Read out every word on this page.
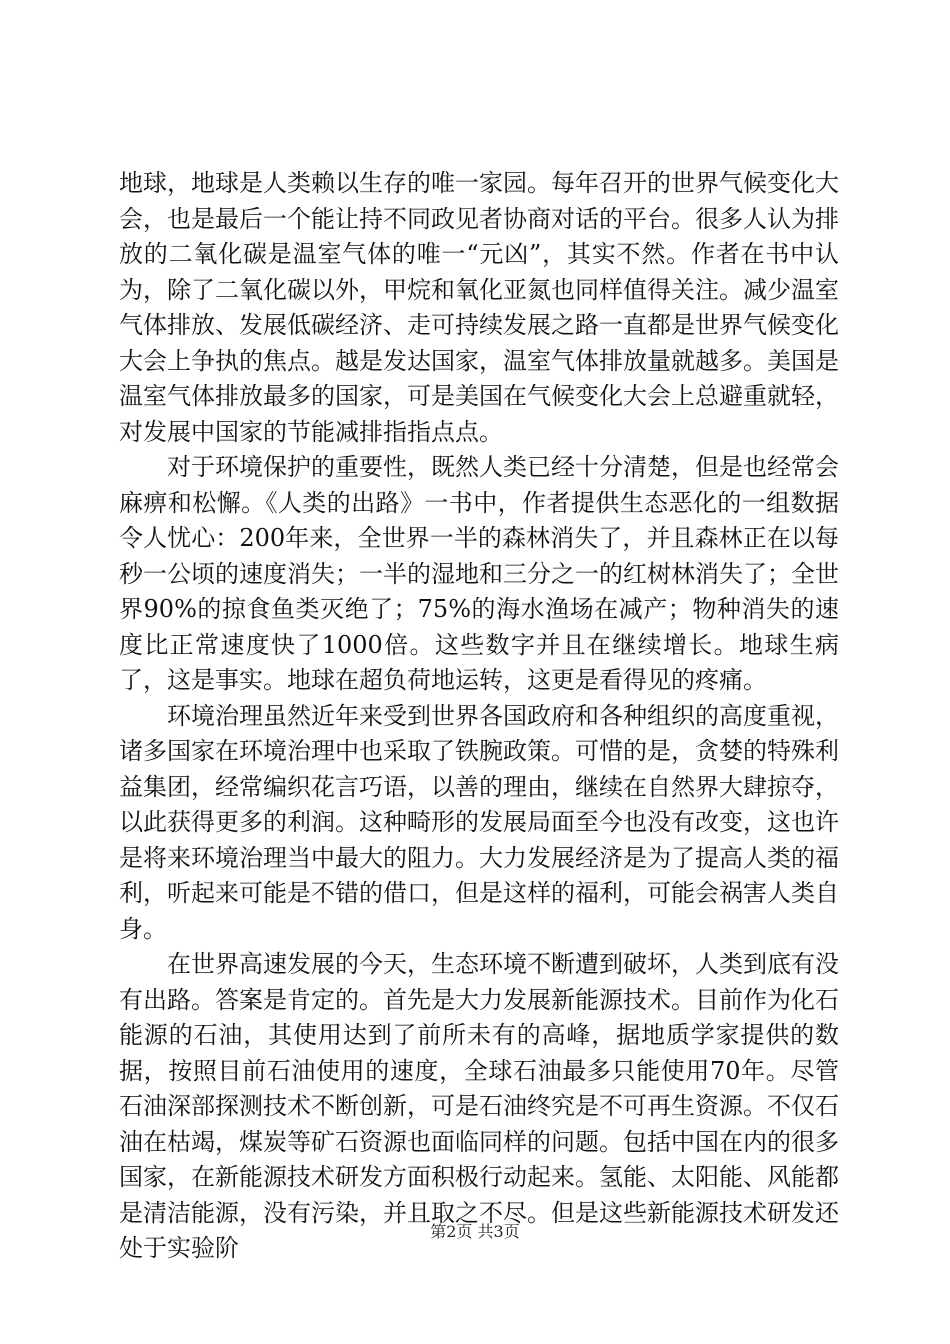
地球，地球是人类赖以生存的唯一家园。每年召开的世界气候变化大会，也是最后一个能让持不同政见者协商对话的平台。很多人认为排放的二氧化碳是温室气体的唯一“元凶”，其实不然。作者在书中认为，除了二氧化碳以外，甲烷和氧化亚氮也同样值得关注。减少温室气体排放、发展低碳经济、走可持续发展之路一直都是世界气候变化大会上争执的焦点。越是发达国家，温室气体排放量就越多。美国是温室气体排放最多的国家，可是美国在气候变化大会上总避重就轻，对发展中国家的节能减排指指点点。

对于环境保护的重要性，既然人类已经十分清楚，但是也经常会麻痹和松懈。《人类的出路》一书中，作者提供生态恶化的一组数据令人忧心：200年来，全世界一半的森林消失了，并且森林正在以每秒一公顷的速度消失；一半的湿地和三分之一的红树林消失了；全世界90%的掠食鱼类灭绝了；75%的海水渔场在减产；物种消失的速度比正常速度快了1000倍。这些数字并且在继续增长。地球生病了，这是事实。地球在超负荷地运转，这更是看得见的疼痛。

环境治理虽然近年来受到世界各国政府和各种组织的高度重视，诸多国家在环境治理中也采取了铁腕政策。可惜的是，贪婪的特殊利益集团，经常编织花言巧语，以善的理由，继续在自然界大肆掠夺，以此获得更多的利润。这种畸形的发展局面至今也没有改变，这也许是将来环境治理当中最大的阻力。大力发展经济是为了提高人类的福利，听起来可能是不错的借口，但是这样的福利，可能会祸害人类自身。

在世界高速发展的今天，生态环境不断遭到破坏，人类到底有没有出路。答案是肯定的。首先是大力发展新能源技术。目前作为化石能源的石油，其使用达到了前所未有的高峰，据地质学家提供的数据，按照目前石油使用的速度，全球石油最多只能使用70年。尽管石油深部探测技术不断创新，可是石油终究是不可再生资源。不仅石油在枯竭，煤炭等矿石资源也面临同样的问题。包括中国在内的很多国家，在新能源技术研发方面积极行动起来。氢能、太阳能、风能都是清洁能源，没有污染，并且取之不尽。但是这些新能源技术研发还处于实验阶

第2页 共3页
